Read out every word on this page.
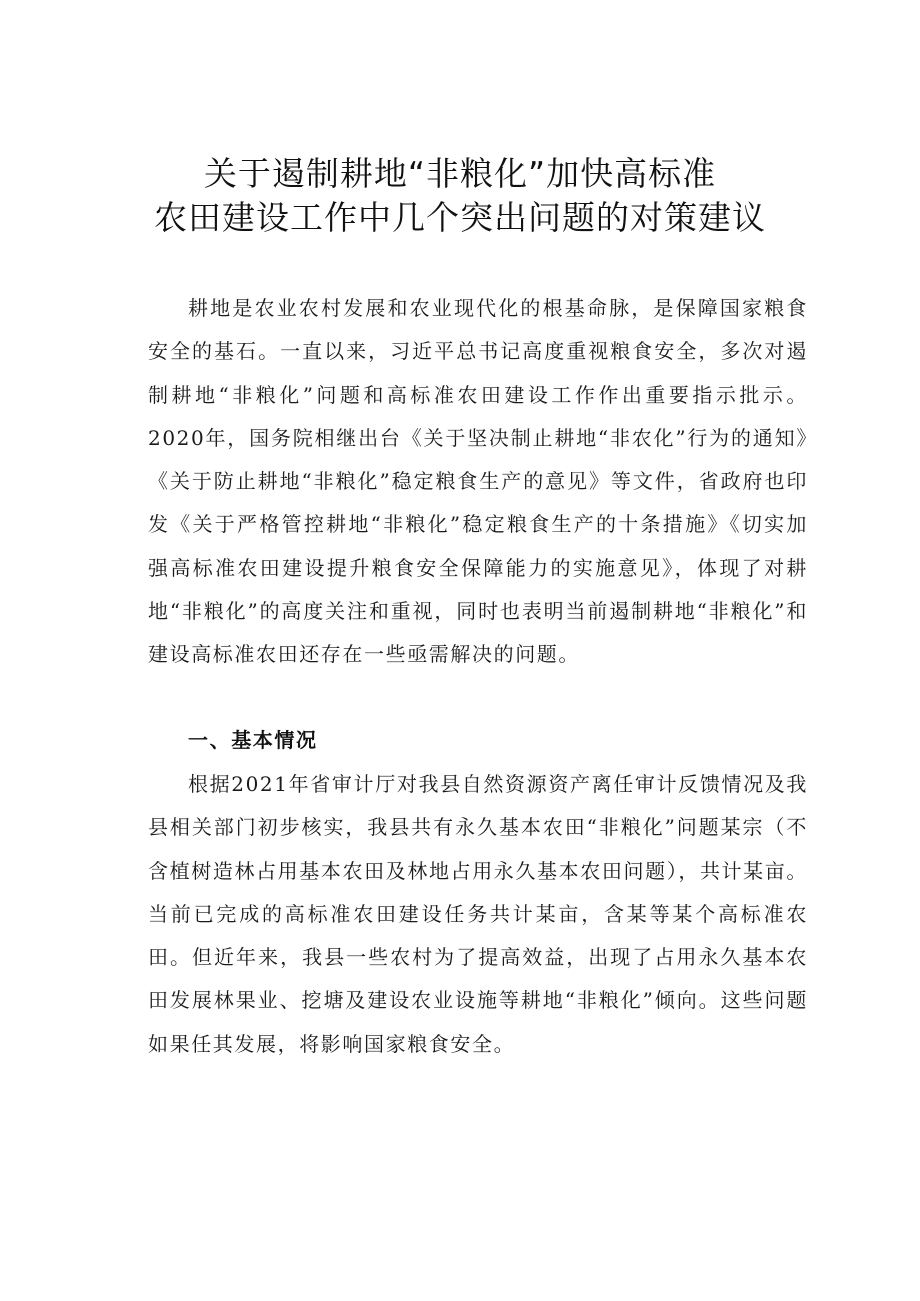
关于遏制耕地“非粮化”加快高标准
农田建设工作中几个突出问题的对策建议

耕地是农业农村发展和农业现代化的根基命脉，是保障国家粮食安全的基石。一直以来，习近平总书记高度重视粮食安全，多次对遏制耕地“非粮化”问题和高标准农田建设工作作出重要指示批示。2020年，国务院相继出台《关于坚决制止耕地“非农化”行为的通知》《关于防止耕地“非粮化”稳定粮食生产的意见》等文件，省政府也印发《关于严格管控耕地“非粮化”稳定粮食生产的十条措施》《切实加强高标准农田建设提升粮食安全保障能力的实施意见》，体现了对耕地“非粮化”的高度关注和重视，同时也表明当前遏制耕地“非粮化”和建设高标准农田还存在一些亟需解决的问题。

一、基本情况

根据2021年省审计厅对我县自然资源资产离任审计反馈情况及我县相关部门初步核实，我县共有永久基本农田“非粮化”问题某宗（不含植树造林占用基本农田及林地占用永久基本农田问题），共计某亩。当前已完成的高标准农田建设任务共计某亩，含某等某个高标准农田。但近年来，我县一些农村为了提高效益，出现了占用永久基本农田发展林果业、挖塘及建设农业设施等耕地“非粮化”倾向。这些问题如果任其发展，将影响国家粮食安全。
